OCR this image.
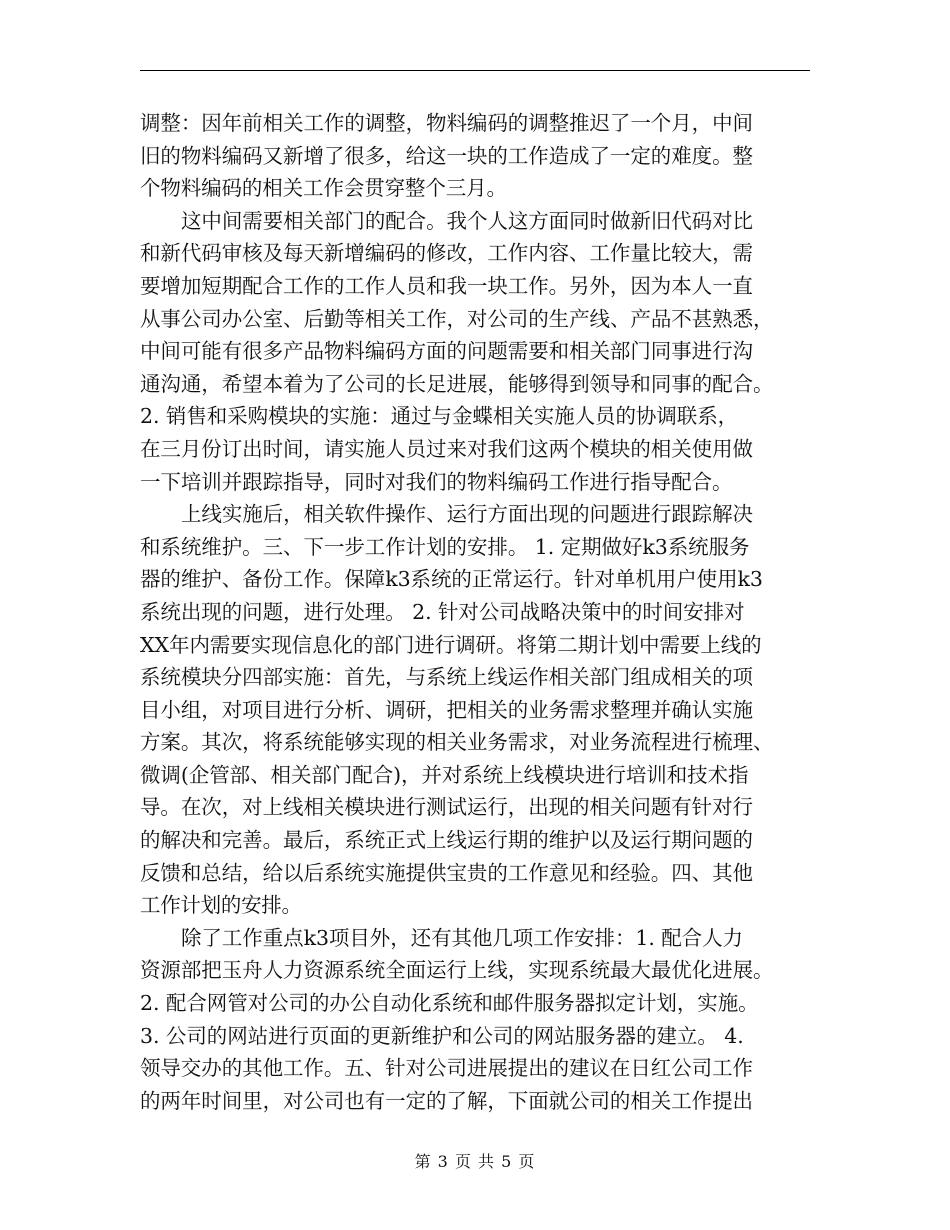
调整：因年前相关工作的调整，物料编码的调整推迟了一个月，中间
旧的物料编码又新增了很多，给这一块的工作造成了一定的难度。整
个物料编码的相关工作会贯穿整个三月。
这中间需要相关部门的配合。我个人这方面同时做新旧代码对比
和新代码审核及每天新增编码的修改，工作内容、工作量比较大，需
要增加短期配合工作的工作人员和我一块工作。另外，因为本人一直
从事公司办公室、后勤等相关工作，对公司的生产线、产品不甚熟悉，
中间可能有很多产品物料编码方面的问题需要和相关部门同事进行沟
通沟通，希望本着为了公司的长足进展，能够得到领导和同事的配合。
2. 销售和采购模块的实施：通过与金蝶相关实施人员的协调联系，
在三月份订出时间，请实施人员过来对我们这两个模块的相关使用做
一下培训并跟踪指导，同时对我们的物料编码工作进行指导配合。
上线实施后，相关软件操作、运行方面出现的问题进行跟踪解决
和系统维护。三、下一步工作计划的安排。 1. 定期做好k3系统服务
器的维护、备份工作。保障k3系统的正常运行。针对单机用户使用k3
系统出现的问题，进行处理。 2. 针对公司战略决策中的时间安排对
XX年内需要实现信息化的部门进行调研。将第二期计划中需要上线的
系统模块分四部实施：首先，与系统上线运作相关部门组成相关的项
目小组，对项目进行分析、调研，把相关的业务需求整理并确认实施
方案。其次，将系统能够实现的相关业务需求，对业务流程进行梳理、
微调(企管部、相关部门配合)，并对系统上线模块进行培训和技术指
导。在次，对上线相关模块进行测试运行，出现的相关问题有针对行
的解决和完善。最后，系统正式上线运行期的维护以及运行期问题的
反馈和总结，给以后系统实施提供宝贵的工作意见和经验。四、其他
工作计划的安排。
除了工作重点k3项目外，还有其他几项工作安排：1. 配合人力
资源部把玉舟人力资源系统全面运行上线，实现系统最大最优化进展。
2. 配合网管对公司的办公自动化系统和邮件服务器拟定计划，实施。
3. 公司的网站进行页面的更新维护和公司的网站服务器的建立。 4.
领导交办的其他工作。五、针对公司进展提出的建议在日红公司工作
的两年时间里，对公司也有一定的了解，下面就公司的相关工作提出
第 3 页 共 5 页
